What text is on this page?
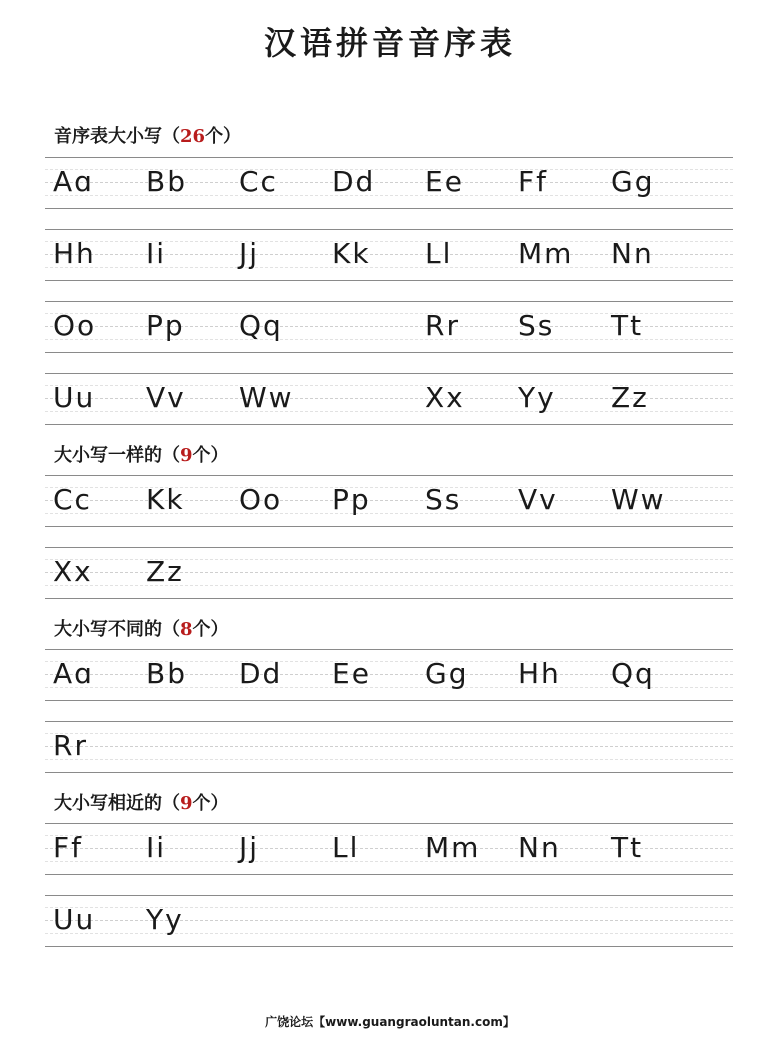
汉语拼音音序表
音序表大小写（26个）
Aɑ Bb Cc Dd Ee Ff Gg
Hh Ii	Jj	Kk Ll Mm Nn
Oo Pp Qq	Rr Ss Tt
Uu Vv Ww	Xx Yy Zz
大小写一样的（9个）
Cc Kk Oo Pp Ss Vv Ww
Xx Zz
大小写不同的（8个）
Aɑ Bb Dd Ee Gg Hh Qq
Rr
大小写相近的（9个）
Ff Ii	Jj	Ll Mm Nn Tt
Uu Yy
广饶论坛【www.guangraoluntan.com】
